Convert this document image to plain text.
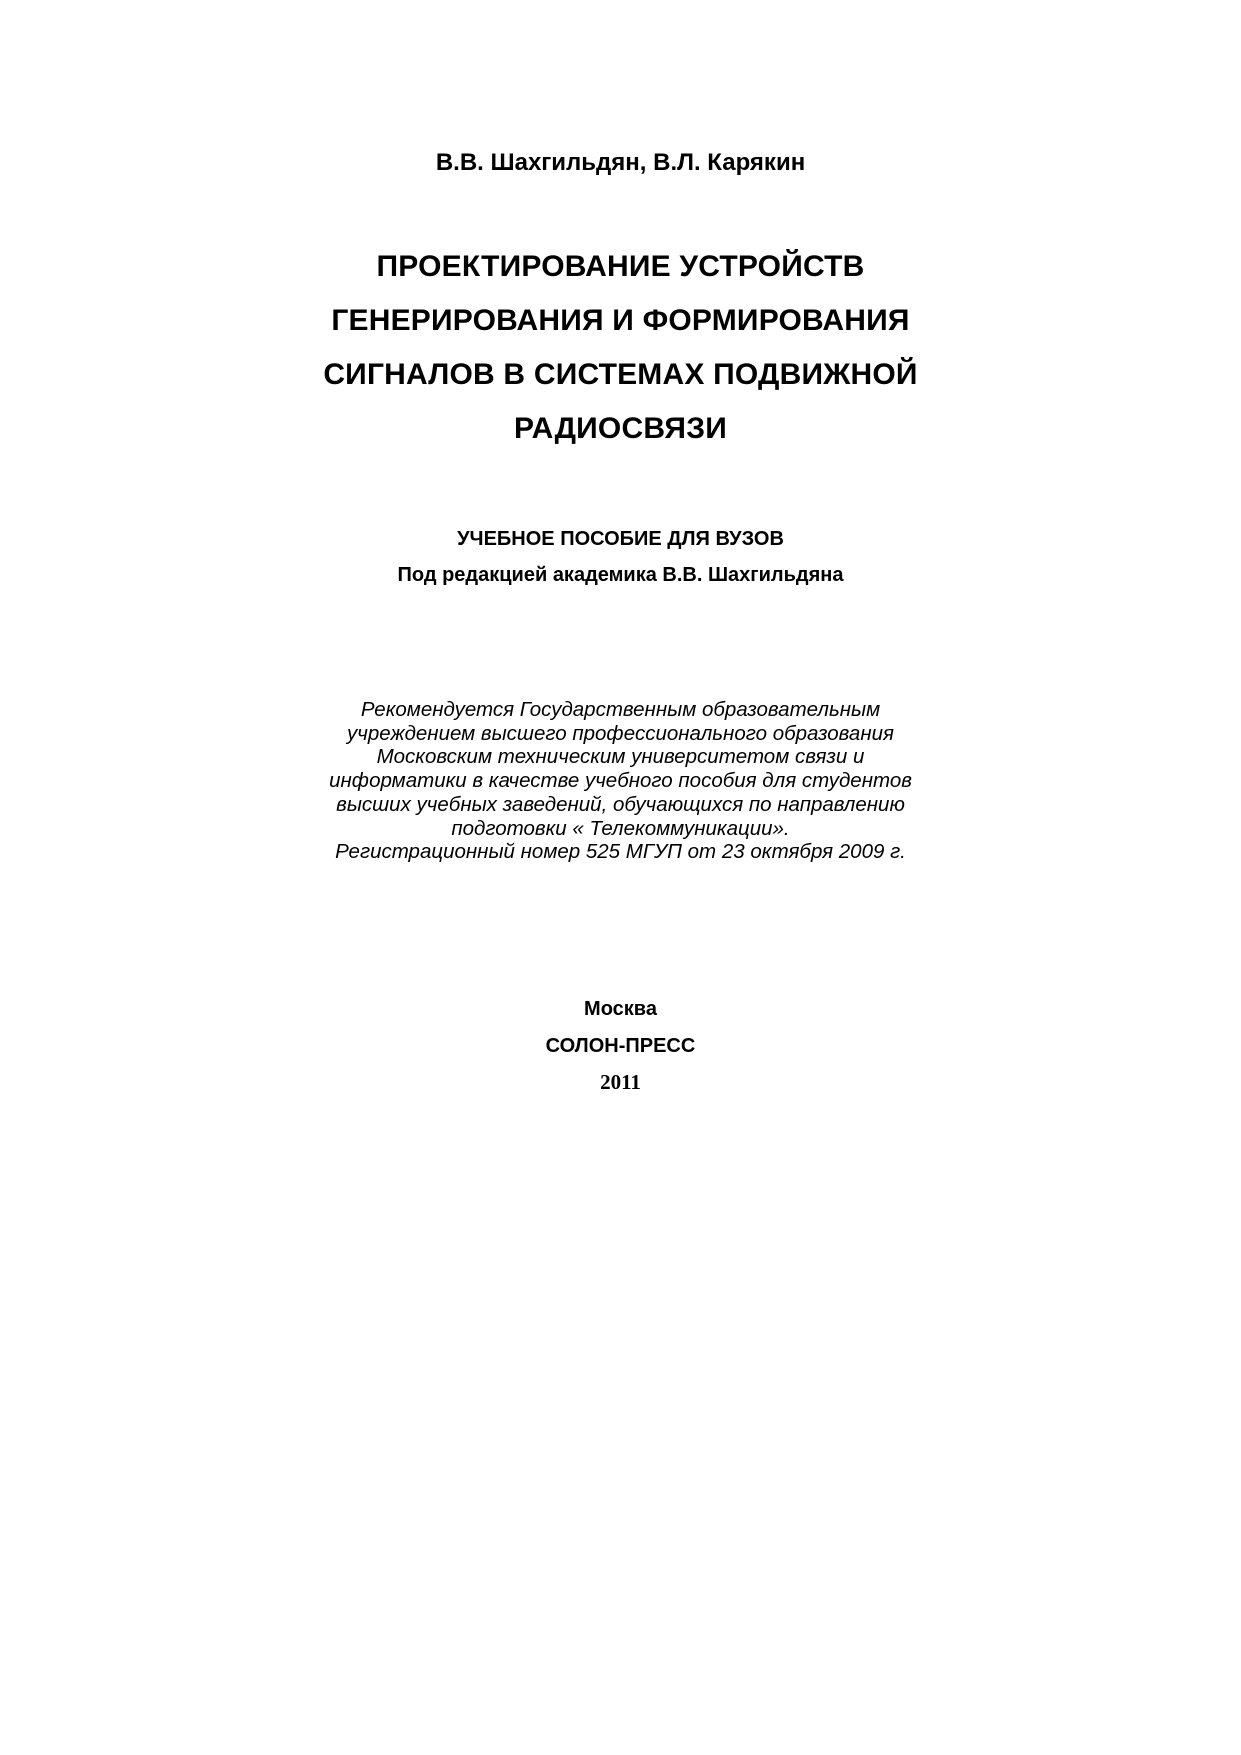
В.В. Шахгильдян, В.Л. Карякин
ПРОЕКТИРОВАНИЕ УСТРОЙСТВ
ГЕНЕРИРОВАНИЯ И ФОРМИРОВАНИЯ
СИГНАЛОВ В СИСТЕМАХ ПОДВИЖНОЙ
РАДИОСВЯЗИ
УЧЕБНОЕ ПОСОБИЕ ДЛЯ ВУЗОВ
Под редакцией академика В.В. Шахгильдяна
Рекомендуется Государственным образовательным
учреждением высшего профессионального образования
Московским техническим университетом связи и
информатики в качестве учебного пособия для студентов
высших учебных заведений, обучающихся по направлению
подготовки « Телекоммуникации».
Регистрационный номер 525 МГУП от 23 октября 2009 г.
Москва
СОЛОН-ПРЕСС
2011
